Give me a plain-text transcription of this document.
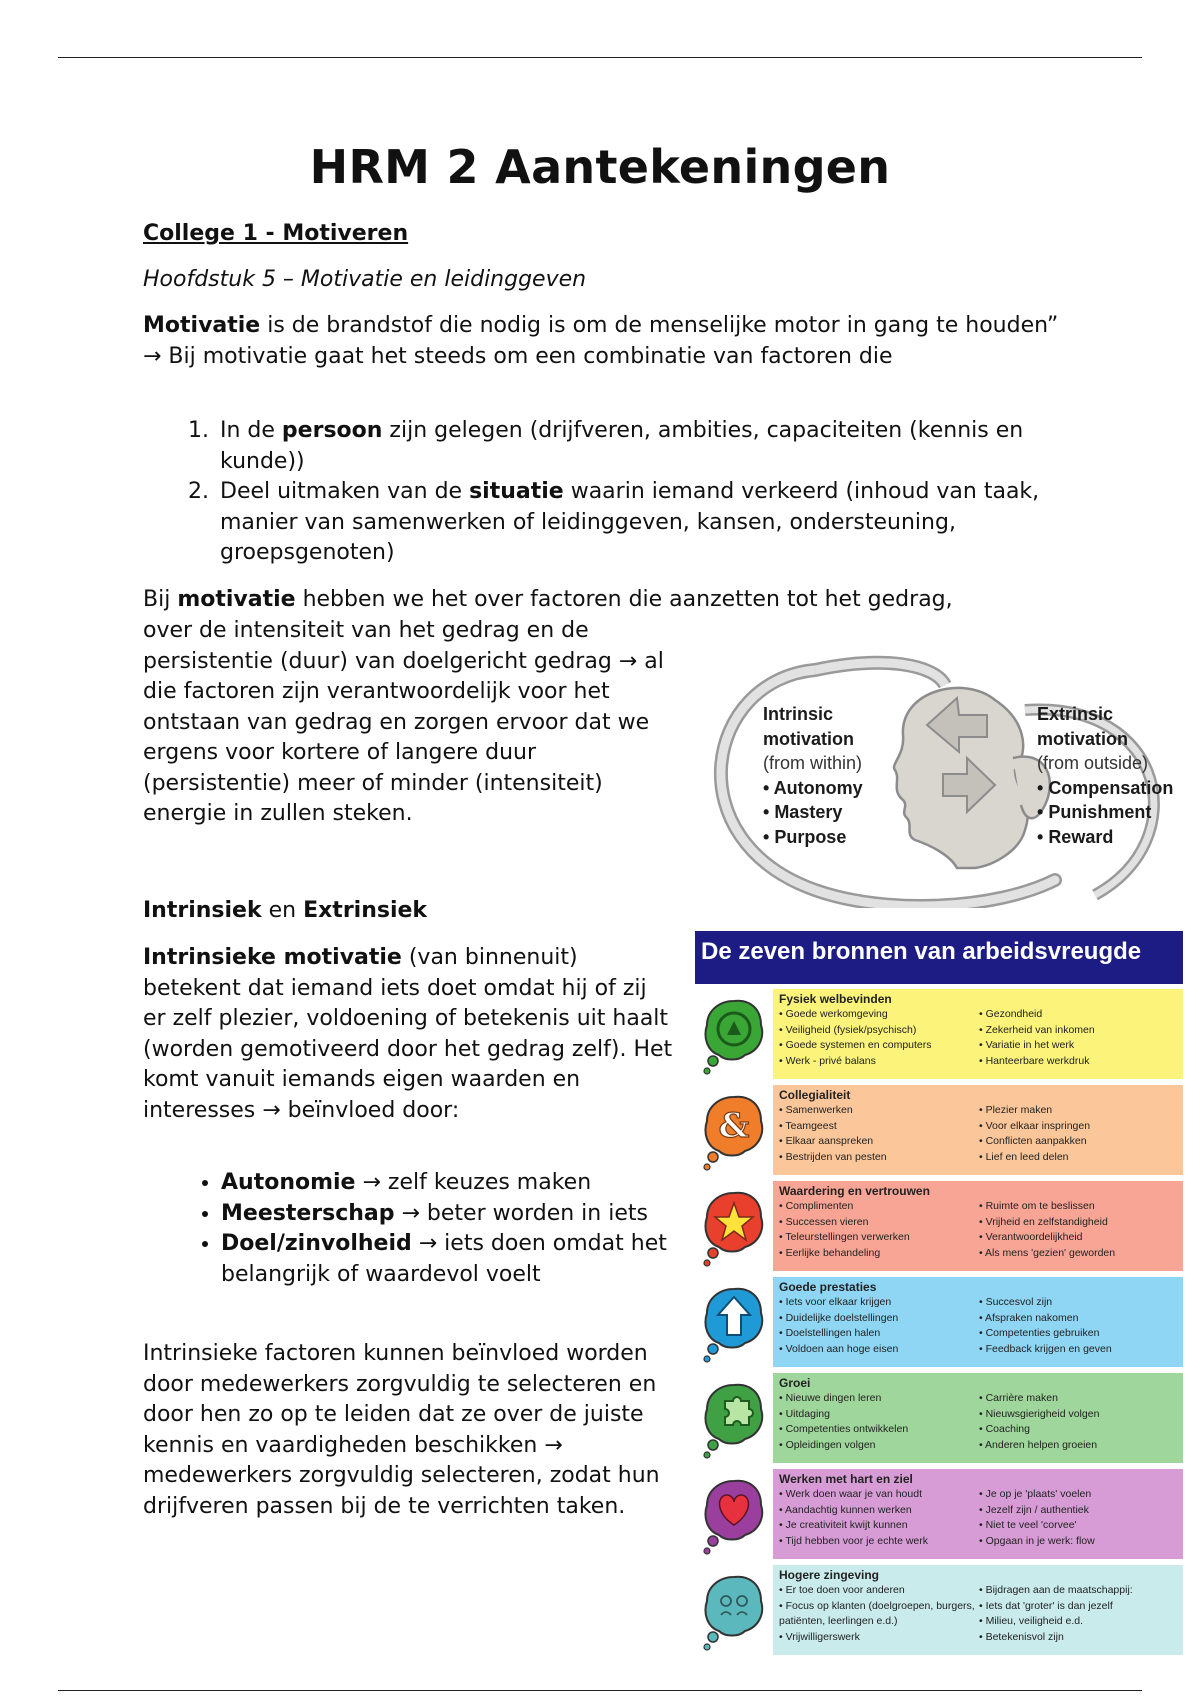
HRM 2 Aantekeningen
College 1 - Motiveren
Hoofdstuk 5 – Motivatie en leidinggeven
Motivatie is de brandstof die nodig is om de menselijke motor in gang te houden” → Bij motivatie gaat het steeds om een combinatie van factoren die
1. In de persoon zijn gelegen (drijfveren, ambities, capaciteiten (kennis en kunde))
2. Deel uitmaken van de situatie waarin iemand verkeerd (inhoud van taak, manier van samenwerken of leidinggeven, kansen, ondersteuning, groepsgenoten)
Bij motivatie hebben we het over factoren die aanzetten tot het gedrag,
over de intensiteit van het gedrag en de persistentie (duur) van doelgericht gedrag → al die factoren zijn verantwoordelijk voor het ontstaan van gedrag en zorgen ervoor dat we ergens voor kortere of langere duur (persistentie) meer of minder (intensiteit) energie in zullen steken.
Intrinsic
motivation
(from within)
• Autonomy
• Mastery
• Purpose
Extrinsic
motivation
(from outside)
• Compensation
• Punishment
• Reward
Intrinsiek en Extrinsiek
Intrinsieke motivatie (van binnenuit) betekent dat iemand iets doet omdat hij of zij er zelf plezier, voldoening of betekenis uit haalt (worden gemotiveerd door het gedrag zelf). Het komt vanuit iemands eigen waarden en interesses → beïnvloed door:
• Autonomie → zelf keuzes maken
• Meesterschap → beter worden in iets
• Doel/zinvolheid → iets doen omdat het belangrijk of waardevol voelt
Intrinsieke factoren kunnen beïnvloed worden door medewerkers zorgvuldig te selecteren en door hen zo op te leiden dat ze over de juiste kennis en vaardigheden beschikken → medewerkers zorgvuldig selecteren, zodat hun drijfveren passen bij de te verrichten taken.
De zeven bronnen van arbeidsvreugde
Fysiek welbevinden
• Goede werkomgeving
• Veiligheid (fysiek/psychisch)
• Goede systemen en computers
• Werk - privé balans
• Gezondheid
• Zekerheid van inkomen
• Variatie in het werk
• Hanteerbare werkdruk
&
Collegialiteit
• Samenwerken
• Teamgeest
• Elkaar aanspreken
• Bestrijden van pesten
• Plezier maken
• Voor elkaar inspringen
• Conflicten aanpakken
• Lief en leed delen
Waardering en vertrouwen
• Complimenten
• Successen vieren
• Teleurstellingen verwerken
• Eerlijke behandeling
• Ruimte om te beslissen
• Vrijheid en zelfstandigheid
• Verantwoordelijkheid
• Als mens 'gezien' geworden
Goede prestaties
• Iets voor elkaar krijgen
• Duidelijke doelstellingen
• Doelstellingen halen
• Voldoen aan hoge eisen
• Succesvol zijn
• Afspraken nakomen
• Competenties gebruiken
• Feedback krijgen en geven
Groei
• Nieuwe dingen leren
• Uitdaging
• Competenties ontwikkelen
• Opleidingen volgen
• Carrière maken
• Nieuwsgierigheid volgen
• Coaching
• Anderen helpen groeien
Werken met hart en ziel
• Werk doen waar je van houdt
• Aandachtig kunnen werken
• Je creativiteit kwijt kunnen
• Tijd hebben voor je echte werk
• Je op je 'plaats' voelen
• Jezelf zijn / authentiek
• Niet te veel 'corvee'
• Opgaan in je werk: flow
Hogere zingeving
• Er toe doen voor anderen
• Focus op klanten (doelgroepen, burgers, patiënten, leerlingen e.d.)
• Vrijwilligerswerk
• Bijdragen aan de maatschappij:
• Iets dat 'groter' is dan jezelf
• Milieu, veiligheid e.d.
• Betekenisvol zijn
